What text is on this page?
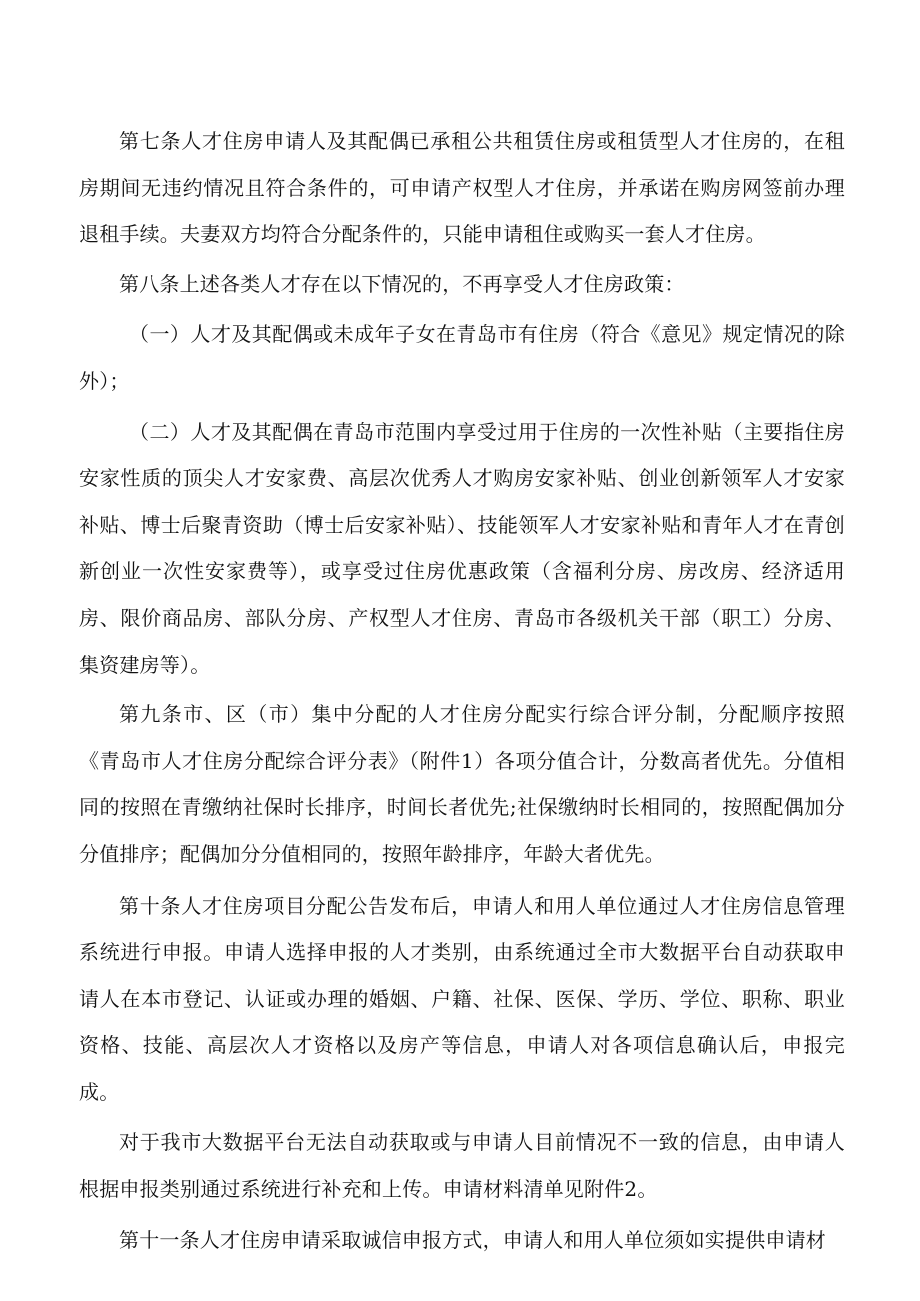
第七条人才住房申请人及其配偶已承租公共租赁住房或租赁型人才住房的，在租房期间无违约情况且符合条件的，可申请产权型人才住房，并承诺在购房网签前办理退租手续。夫妻双方均符合分配条件的，只能申请租住或购买一套人才住房。

第八条上述各类人才存在以下情况的，不再享受人才住房政策：

（一）人才及其配偶或未成年子女在青岛市有住房（符合《意见》规定情况的除外）；

（二）人才及其配偶在青岛市范围内享受过用于住房的一次性补贴（主要指住房安家性质的顶尖人才安家费、高层次优秀人才购房安家补贴、创业创新领军人才安家补贴、博士后聚青资助（博士后安家补贴）、技能领军人才安家补贴和青年人才在青创新创业一次性安家费等），或享受过住房优惠政策（含福利分房、房改房、经济适用房、限价商品房、部队分房、产权型人才住房、青岛市各级机关干部（职工）分房、集资建房等）。

第九条市、区（市）集中分配的人才住房分配实行综合评分制，分配顺序按照《青岛市人才住房分配综合评分表》（附件1）各项分值合计，分数高者优先。分值相同的按照在青缴纳社保时长排序，时间长者优先;社保缴纳时长相同的，按照配偶加分分值排序；配偶加分分值相同的，按照年龄排序，年龄大者优先。

第十条人才住房项目分配公告发布后，申请人和用人单位通过人才住房信息管理系统进行申报。申请人选择申报的人才类别，由系统通过全市大数据平台自动获取申请人在本市登记、认证或办理的婚姻、户籍、社保、医保、学历、学位、职称、职业资格、技能、高层次人才资格以及房产等信息，申请人对各项信息确认后，申报完成。

对于我市大数据平台无法自动获取或与申请人目前情况不一致的信息，由申请人根据申报类别通过系统进行补充和上传。申请材料清单见附件2。

第十一条人才住房申请采取诚信申报方式，申请人和用人单位须如实提供申请材
